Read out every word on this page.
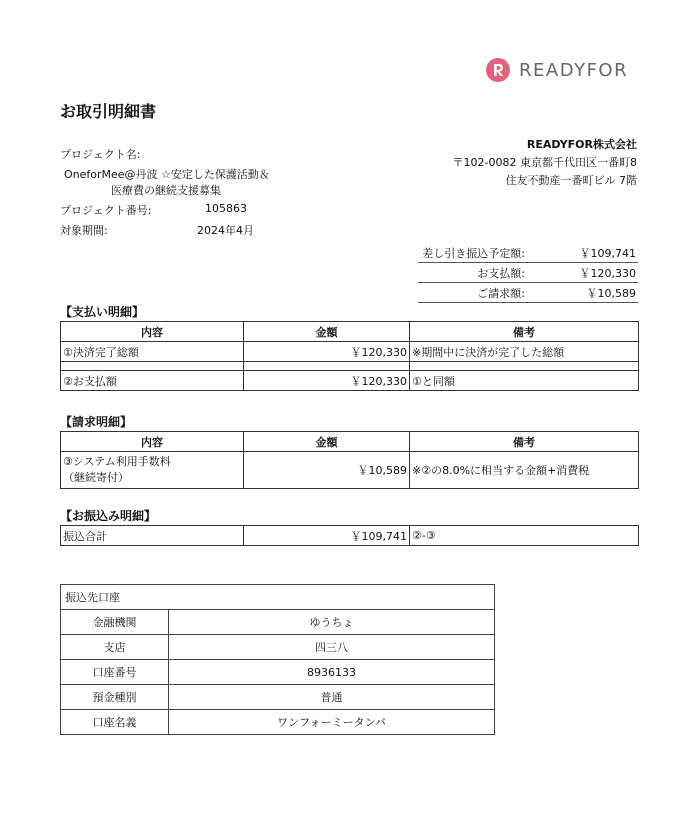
READYFOR
お取引明細書
プロジェクト名:
OneforMee@丹波 ☆安定した保護活動＆
医療費の継続支援募集
プロジェクト番号:	105863
対象期間:	2024年4月
READYFOR株式会社
〒102-0082 東京都千代田区一番町8
住友不動産一番町ビル 7階
差し引き振込予定額:	￥109,741
お支払額:	￥120,330
ご請求額:	￥10,589
【支払い明細】
内容	金額	備考
①決済完了総額	￥120,330	※期間中に決済が完了した総額

②お支払額	￥120,330	①と同額
【請求明細】
内容	金額	備考

③システム利用手数料
（継続寄付）	￥10,589	※②の8.0%に相当する金額+消費税
【お振込み明細】
振込合計	￥109,741	②-③
振込先口座	
金融機関	ゆうちょ
支店	四三八
口座番号	8936133
預金種別	普通
口座名義	ワンフォーミータンバ
